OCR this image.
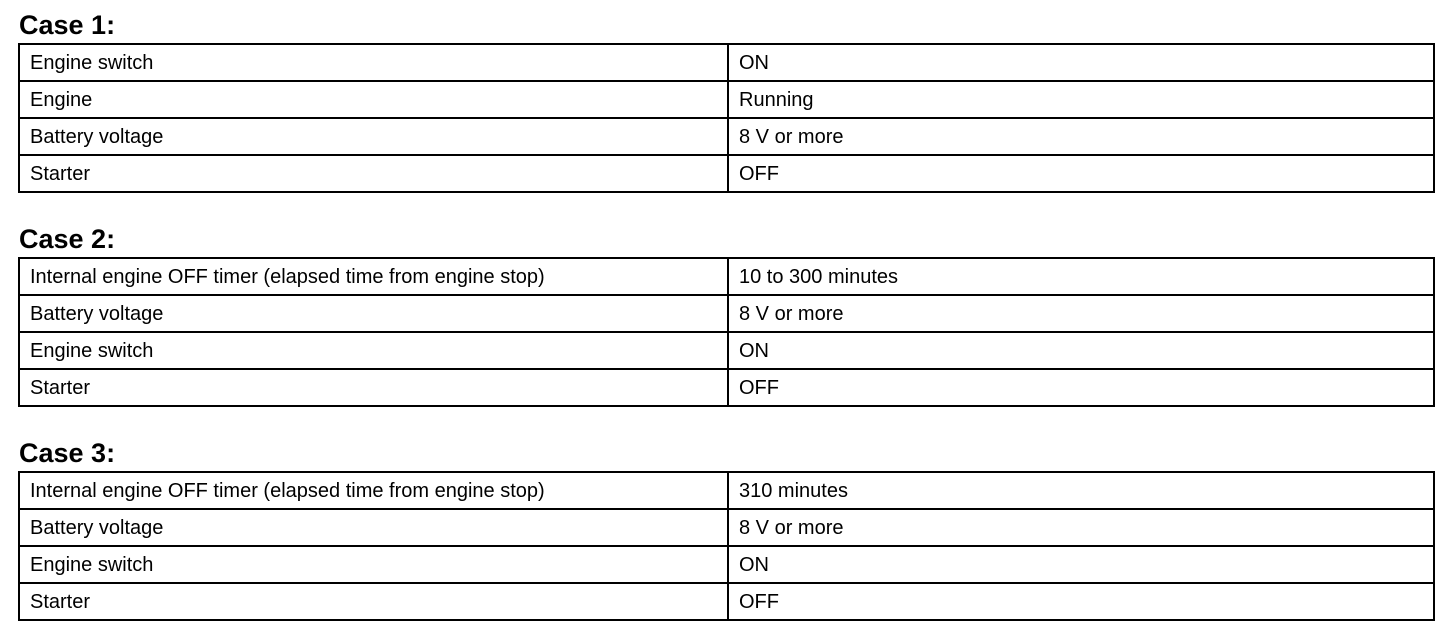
Case 1:
Engine switch	ON
Engine	Running
Battery voltage	8 V or more
Starter	OFF
Case 2:
Internal engine OFF timer (elapsed time from engine stop)	10 to 300 minutes
Battery voltage	8 V or more
Engine switch	ON
Starter	OFF
Case 3:
Internal engine OFF timer (elapsed time from engine stop)	310 minutes
Battery voltage	8 V or more
Engine switch	ON
Starter	OFF
